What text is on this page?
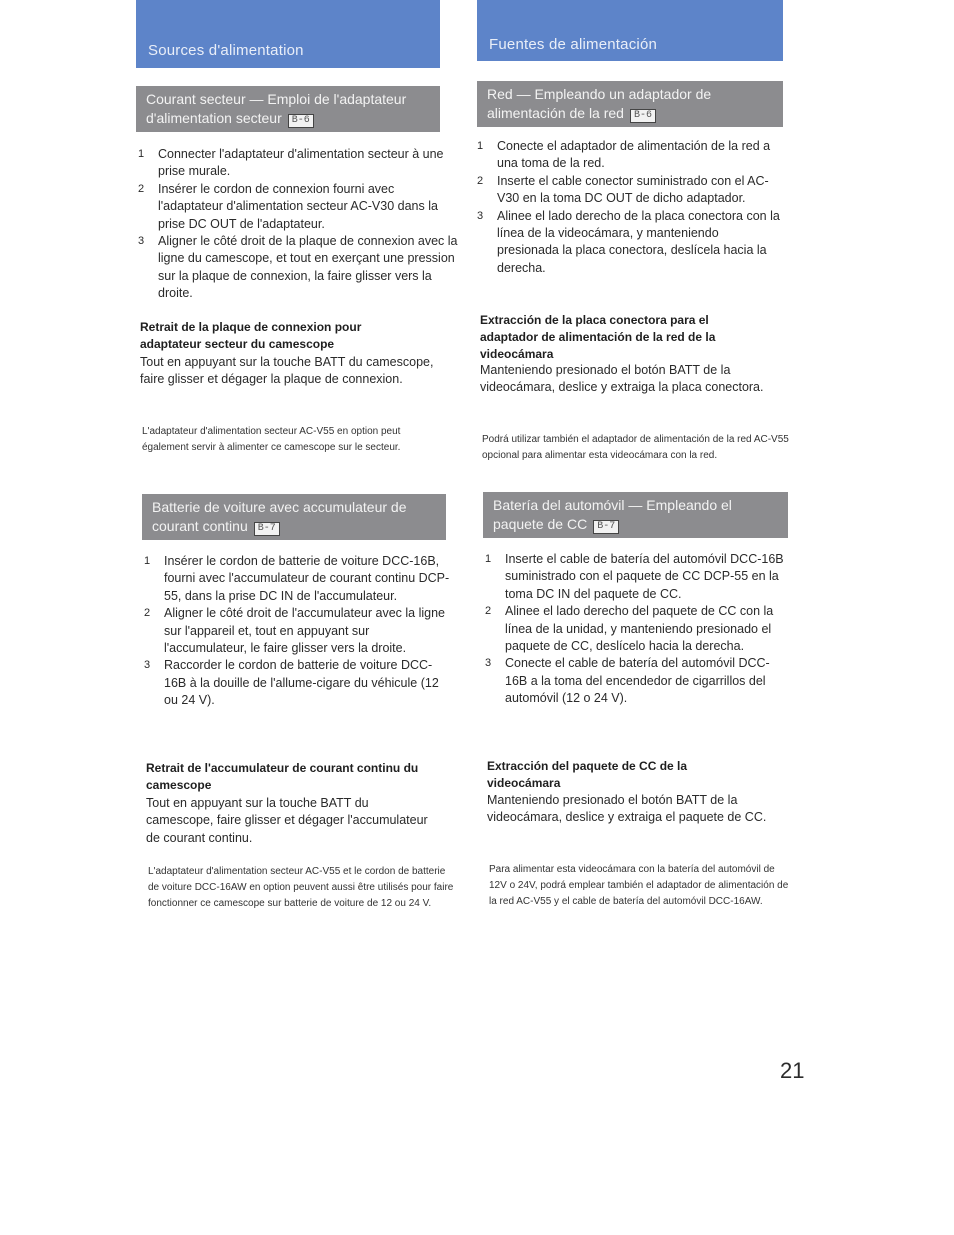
Sources d'alimentation
Courant secteur — Emploi de l'adaptateur d'alimentation secteur B-6
1 Connecter l'adaptateur d'alimentation secteur à une prise murale.
2 Insérer le cordon de connexion fourni avec l'adaptateur d'alimentation secteur AC-V30 dans la prise DC OUT de l'adaptateur.
3 Aligner le côté droit de la plaque de connexion avec la ligne du camescope, et tout en exerçant une pression sur la plaque de connexion, la faire glisser vers la droite.
Retrait de la plaque de connexion pour adaptateur secteur du camescope
Tout en appuyant sur la touche BATT du camescope, faire glisser et dégager la plaque de connexion.
L'adaptateur d'alimentation secteur AC-V55 en option peut également servir à alimenter ce camescope sur le secteur.
Batterie de voiture avec accumulateur de courant continu B-7
1 Insérer le cordon de batterie de voiture DCC-16B, fourni avec l'accumulateur de courant continu DCP-55, dans la prise DC IN de l'accumulateur.
2 Aligner le côté droit de l'accumulateur avec la ligne sur l'appareil et, tout en appuyant sur l'accumulateur, le faire glisser vers la droite.
3 Raccorder le cordon de batterie de voiture DCC-16B à la douille de l'allume-cigare du véhicule (12 ou 24 V).
Retrait de l'accumulateur de courant continu du camescope
Tout en appuyant sur la touche BATT du camescope, faire glisser et dégager l'accumulateur de courant continu.
L'adaptateur d'alimentation secteur AC-V55 et le cordon de batterie de voiture DCC-16AW en option peuvent aussi être utilisés pour faire fonctionner ce camescope sur batterie de voiture de 12 ou 24 V.
Fuentes de alimentación
Red — Empleando un adaptador de alimentación de la red B-6
1 Conecte el adaptador de alimentación de la red a una toma de la red.
2 Inserte el cable conector suministrado con el AC-V30 en la toma DC OUT de dicho adaptador.
3 Alinee el lado derecho de la placa conectora con la línea de la videocámara, y manteniendo presionada la placa conectora, deslícela hacia la derecha.
Extracción de la placa conectora para el adaptador de alimentación de la red de la videocámara
Manteniendo presionado el botón BATT de la videocámara, deslice y extraiga la placa conectora.
Podrá utilizar también el adaptador de alimentación de la red AC-V55 opcional para alimentar esta videocámara con la red.
Batería del automóvil — Empleando el paquete de CC B-7
1 Inserte el cable de batería del automóvil DCC-16B suministrado con el paquete de CC DCP-55 en la toma DC IN del paquete de CC.
2 Alinee el lado derecho del paquete de CC con la línea de la unidad, y manteniendo presionado el paquete de CC, deslícelo hacia la derecha.
3 Conecte el cable de batería del automóvil DCC-16B a la toma del encendedor de cigarrillos del automóvil (12 o 24 V).
Extracción del paquete de CC de la videocámara
Manteniendo presionado el botón BATT de la videocámara, deslice y extraiga el paquete de CC.
Para alimentar esta videocámara con la batería del automóvil de 12V o 24V, podrá emplear también el adaptador de alimentación de la red AC-V55 y el cable de batería del automóvil DCC-16AW.
21
